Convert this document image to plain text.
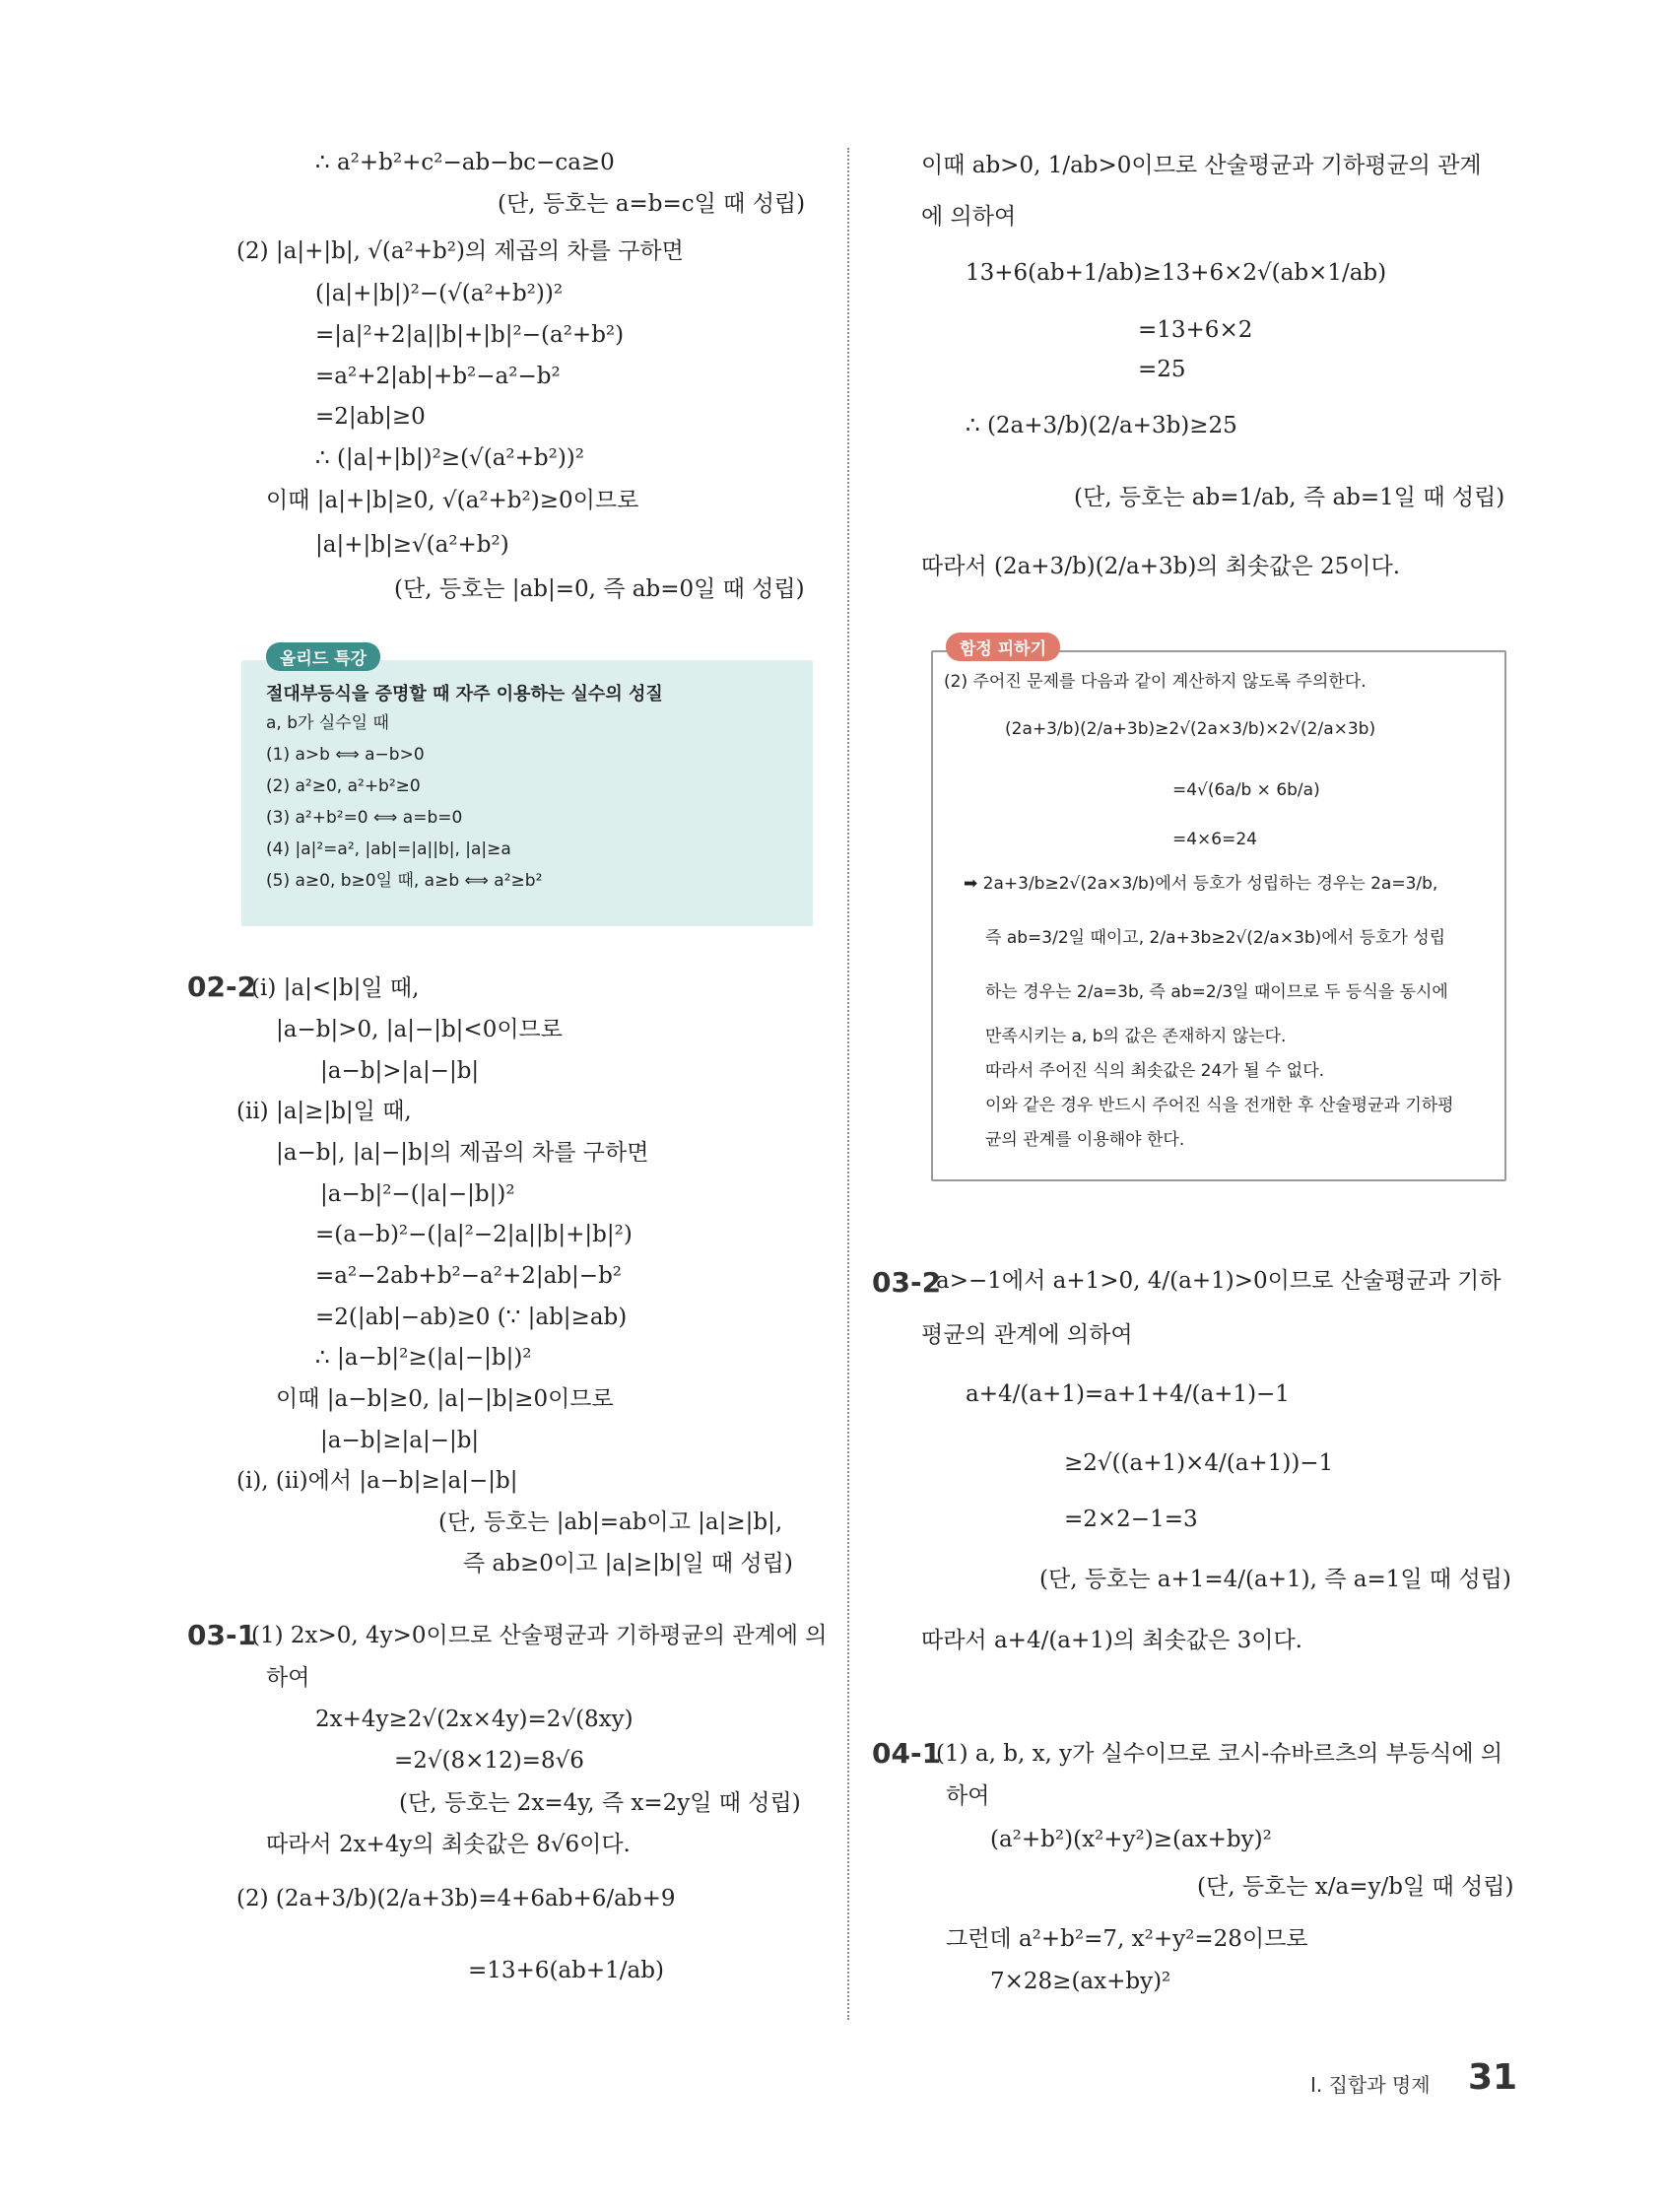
∴ a²+b²+c²−ab−bc−ca≥0
(단, 등호는 a=b=c일 때 성립)
(2) |a|+|b|, √(a²+b²)의 제곱의 차를 구하면
(|a|+|b|)²−(√(a²+b²))²
=|a|²+2|a||b|+|b|²−(a²+b²)
=a²+2|ab|+b²−a²−b²
=2|ab|≥0
∴ (|a|+|b|)²≥(√(a²+b²))²
이때 |a|+|b|≥0, √(a²+b²)≥0이므로
|a|+|b|≥√(a²+b²)
(단, 등호는 |ab|=0, 즉 ab=0일 때 성립)
올리드 특강
절대부등식을 증명할 때 자주 이용하는 실수의 성질
a, b가 실수일 때
(1) a>b ⟺ a−b>0
(2) a²≥0, a²+b²≥0
(3) a²+b²=0 ⟺ a=b=0
(4) |a|²=a², |ab|=|a||b|, |a|≥a
(5) a≥0, b≥0일 때, a≥b ⟺ a²≥b²
02-2
(i) |a|<|b|일 때,
|a−b|>0, |a|−|b|<0이므로
|a−b|>|a|−|b|
(ii) |a|≥|b|일 때,
|a−b|, |a|−|b|의 제곱의 차를 구하면
|a−b|²−(|a|−|b|)²
=(a−b)²−(|a|²−2|a||b|+|b|²)
=a²−2ab+b²−a²+2|ab|−b²
=2(|ab|−ab)≥0 (∵ |ab|≥ab)
∴ |a−b|²≥(|a|−|b|)²
이때 |a−b|≥0, |a|−|b|≥0이므로
|a−b|≥|a|−|b|
(i), (ii)에서 |a−b|≥|a|−|b|
(단, 등호는 |ab|=ab이고 |a|≥|b|,
즉 ab≥0이고 |a|≥|b|일 때 성립)
03-1
(1) 2x>0, 4y>0이므로 산술평균과 기하평균의 관계에 의
하여
2x+4y≥2√(2x×4y)=2√(8xy)
=2√(8×12)=8√6
(단, 등호는 2x=4y, 즉 x=2y일 때 성립)
따라서 2x+4y의 최솟값은 8√6이다.
(2) (2a+3/b)(2/a+3b)=4+6ab+6/ab+9
=13+6(ab+1/ab)
이때 ab>0, 1/ab>0이므로 산술평균과 기하평균의 관계
에 의하여
13+6(ab+1/ab)≥13+6×2√(ab×1/ab)
=13+6×2
=25
∴ (2a+3/b)(2/a+3b)≥25
(단, 등호는 ab=1/ab, 즉 ab=1일 때 성립)
따라서 (2a+3/b)(2/a+3b)의 최솟값은 25이다.
함정 피하기
(2) 주어진 문제를 다음과 같이 계산하지 않도록 주의한다.
(2a+3/b)(2/a+3b)≥2√(2a×3/b)×2√(2/a×3b)
=4√(6a/b × 6b/a)
=4×6=24
➡ 2a+3/b≥2√(2a×3/b)에서 등호가 성립하는 경우는 2a=3/b,
즉 ab=3/2일 때이고, 2/a+3b≥2√(2/a×3b)에서 등호가 성립
하는 경우는 2/a=3b, 즉 ab=2/3일 때이므로 두 등식을 동시에
만족시키는 a, b의 값은 존재하지 않는다.
따라서 주어진 식의 최솟값은 24가 될 수 없다.
이와 같은 경우 반드시 주어진 식을 전개한 후 산술평균과 기하평
균의 관계를 이용해야 한다.
03-2
a>−1에서 a+1>0, 4/(a+1)>0이므로 산술평균과 기하
평균의 관계에 의하여
a+4/(a+1)=a+1+4/(a+1)−1
≥2√((a+1)×4/(a+1))−1
=2×2−1=3
(단, 등호는 a+1=4/(a+1), 즉 a=1일 때 성립)
따라서 a+4/(a+1)의 최솟값은 3이다.
04-1
(1) a, b, x, y가 실수이므로 코시-슈바르츠의 부등식에 의
하여
(a²+b²)(x²+y²)≥(ax+by)²
(단, 등호는 x/a=y/b일 때 성립)
그런데 a²+b²=7, x²+y²=28이므로
7×28≥(ax+by)²
Ⅰ. 집합과 명제 31
